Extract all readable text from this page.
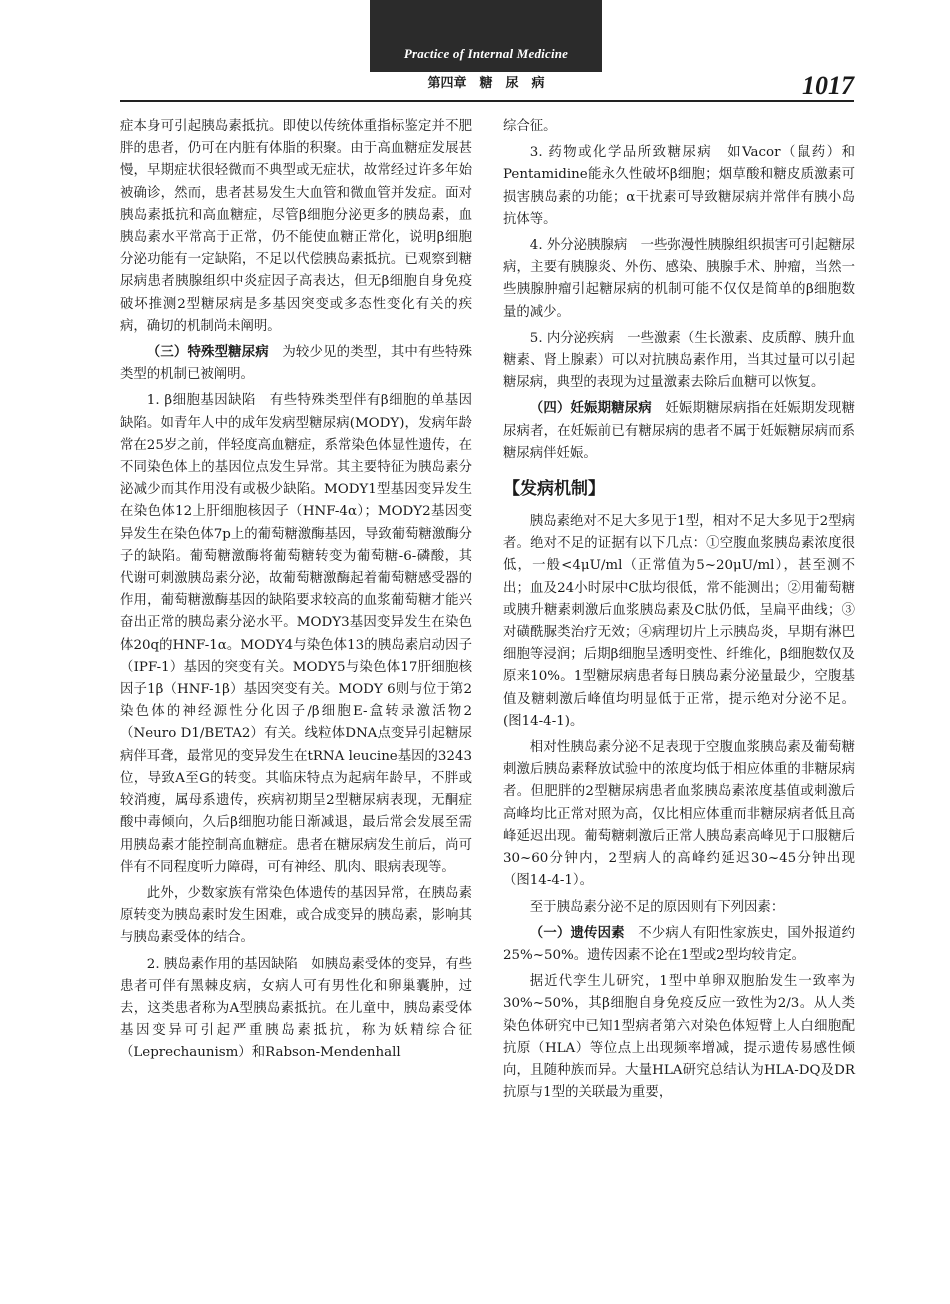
Practice of Internal Medicine
第四章　糖　尿　病	1017

症本身可引起胰岛素抵抗。即使以传统体重指标鉴定并不肥胖的患者，仍可在内脏有体脂的积聚。由于高血糖症发展甚慢，早期症状很轻微而不典型或无症状，故常经过许多年始被确诊，然而，患者甚易发生大血管和微血管并发症。面对胰岛素抵抗和高血糖症，尽管β细胞分泌更多的胰岛素，血胰岛素水平常高于正常，仍不能使血糖正常化，说明β细胞分泌功能有一定缺陷，不足以代偿胰岛素抵抗。已观察到糖尿病患者胰腺组织中炎症因子高表达，但无β细胞自身免疫破坏推测2型糖尿病是多基因突变或多态性变化有关的疾病，确切的机制尚未阐明。

（三）特殊型糖尿病　为较少见的类型，其中有些特殊类型的机制已被阐明。

1. β细胞基因缺陷　有些特殊类型伴有β细胞的单基因缺陷。如青年人中的成年发病型糖尿病(MODY)，发病年龄常在25岁之前，伴轻度高血糖症，系常染色体显性遗传，在不同染色体上的基因位点发生异常。其主要特征为胰岛素分泌减少而其作用没有或极少缺陷。MODY1型基因变异发生在染色体12上肝细胞核因子（HNF-4α）；MODY2基因变异发生在染色体7p上的葡萄糖激酶基因，导致葡萄糖激酶分子的缺陷。葡萄糖激酶将葡萄糖转变为葡萄糖-6-磷酸，其代谢可刺激胰岛素分泌，故葡萄糖激酶起着葡萄糖感受器的作用，葡萄糖激酶基因的缺陷要求较高的血浆葡萄糖才能兴奋出正常的胰岛素分泌水平。MODY3基因变异发生在染色体20q的HNF-1α。MODY4与染色体13的胰岛素启动因子（IPF-1）基因的突变有关。MODY5与染色体17肝细胞核因子1β（HNF-1β）基因突变有关。MODY 6则与位于第2染色体的神经源性分化因子/β细胞E-盒转录激活物2（Neuro D1/BETA2）有关。线粒体DNA点变异引起糖尿病伴耳聋，最常见的变异发生在tRNA leucine基因的3243位，导致A至G的转变。其临床特点为起病年龄早，不胖或较消瘦，属母系遗传，疾病初期呈2型糖尿病表现，无酮症酸中毒倾向，久后β细胞功能日渐减退，最后常会发展至需用胰岛素才能控制高血糖症。患者在糖尿病发生前后，尚可伴有不同程度听力障碍，可有神经、肌肉、眼病表现等。

此外，少数家族有常染色体遗传的基因异常，在胰岛素原转变为胰岛素时发生困难，或合成变异的胰岛素，影响其与胰岛素受体的结合。

2. 胰岛素作用的基因缺陷　如胰岛素受体的变异，有些患者可伴有黑棘皮病，女病人可有男性化和卵巢囊肿，过去，这类患者称为A型胰岛素抵抗。在儿童中，胰岛素受体基因变异可引起严重胰岛素抵抗，称为妖精综合征（Leprechaunism）和Rabson-Mendenhall

综合征。

3. 药物或化学品所致糖尿病　如Vacor（鼠药）和Pentamidine能永久性破坏β细胞；烟草酸和糖皮质激素可损害胰岛素的功能；α干扰素可导致糖尿病并常伴有胰小岛抗体等。

4. 外分泌胰腺病　一些弥漫性胰腺组织损害可引起糖尿病，主要有胰腺炎、外伤、感染、胰腺手术、肿瘤，当然一些胰腺肿瘤引起糖尿病的机制可能不仅仅是简单的β细胞数量的减少。

5. 内分泌疾病　一些激素（生长激素、皮质醇、胰升血糖素、肾上腺素）可以对抗胰岛素作用，当其过量可以引起糖尿病，典型的表现为过量激素去除后血糖可以恢复。

（四）妊娠期糖尿病　妊娠期糖尿病指在妊娠期发现糖尿病者，在妊娠前已有糖尿病的患者不属于妊娠糖尿病而系糖尿病伴妊娠。

【发病机制】

胰岛素绝对不足大多见于1型，相对不足大多见于2型病者。绝对不足的证据有以下几点：①空腹血浆胰岛素浓度很低，一般<4μU/ml（正常值为5~20μU/ml），甚至测不出；血及24小时尿中C肽均很低，常不能测出；②用葡萄糖或胰升糖素刺激后血浆胰岛素及C肽仍低，呈扁平曲线；③对磺酰脲类治疗无效；④病理切片上示胰岛炎，早期有淋巴细胞等浸润；后期β细胞呈透明变性、纤维化，β细胞数仅及原来10%。1型糖尿病患者每日胰岛素分泌量最少，空腹基值及糖刺激后峰值均明显低于正常，提示绝对分泌不足。(图14-4-1)。

相对性胰岛素分泌不足表现于空腹血浆胰岛素及葡萄糖刺激后胰岛素释放试验中的浓度均低于相应体重的非糖尿病者。但肥胖的2型糖尿病患者血浆胰岛素浓度基值或刺激后高峰均比正常对照为高，仅比相应体重而非糖尿病者低且高峰延迟出现。葡萄糖刺激后正常人胰岛素高峰见于口服糖后30~60分钟内，2型病人的高峰约延迟30~45分钟出现（图14-4-1）。

至于胰岛素分泌不足的原因则有下列因素：

（一）遗传因素　不少病人有阳性家族史，国外报道约25%~50%。遗传因素不论在1型或2型均较肯定。

据近代孪生儿研究，1型中单卵双胞胎发生一致率为30%~50%，其β细胞自身免疫反应一致性为2/3。从人类染色体研究中已知1型病者第六对染色体短臂上人白细胞配抗原（HLA）等位点上出现频率增减，提示遗传易感性倾向，且随种族而异。大量HLA研究总结认为HLA-DQ及DR抗原与1型的关联最为重要，
